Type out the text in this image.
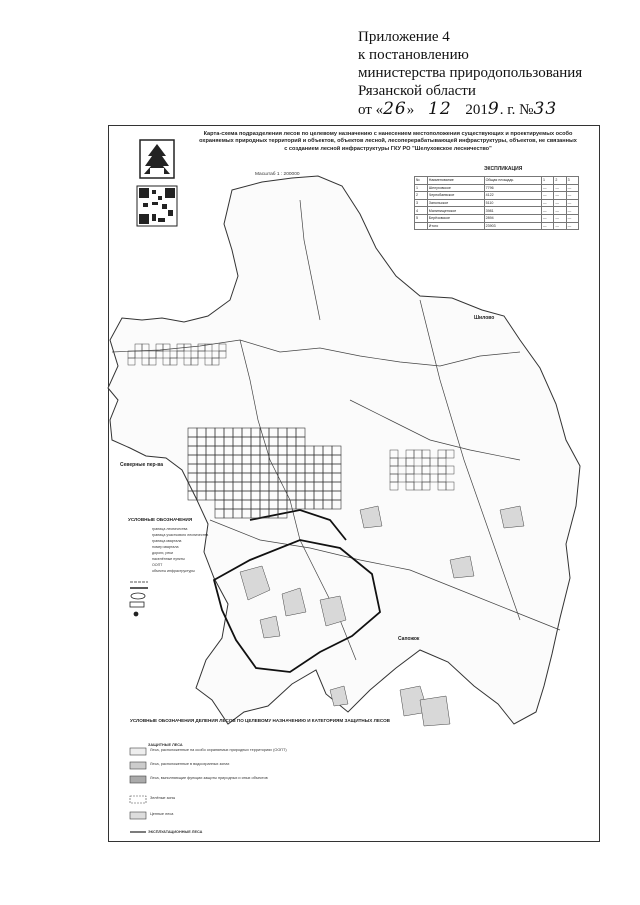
Приложение 4
к постановлению
министерства природопользования
Рязанской области
от «26» 12 2019. г. №33
Карта-схема подразделения лесов по целевому назначению с нанесением местоположения существующих и проектируемых особо охраняемых природных территорий и объектов, объектов лесной, лесоперерабатывающей инфраструктуры, объектов, не связанных с созданием лесной инфраструктуры ГКУ РО "Шелуховское лесничество"
Масштаб 1 : 200000
ЭКСПЛИКАЦИЯ
№	Наименование	Общая площадь	1	2	3
1	Шелуховское	7796	—	—	—
2	Чернобаевское	4122	—	—	—
3	Запольское	5110	—	—	—
4	Малинищенское	3981	—	—	—
5	Берёзовское	2894	—	—	—
	Итого	23903	—	—	—
Шилово
Северные пер-ва
Сапожок
УСЛОВНЫЕ ОБОЗНАЧЕНИЯ
граница лесничества
граница участкового лесничества
граница квартала
номер квартала
дороги, реки
населённые пункты
ООПТ
объекты инфраструктуры
УСЛОВНЫЕ ОБОЗНАЧЕНИЯ ДЕЛЕНИЯ ЛЕСОВ ПО ЦЕЛЕВОМУ НАЗНАЧЕНИЮ И КАТЕГОРИЯМ ЗАЩИТНЫХ ЛЕСОВ
ЗАЩИТНЫЕ ЛЕСА
Леса, расположенные на особо охраняемых природных территориях (ООПТ)
Леса, расположенные в водоохранных зонах
Леса, выполняющие функции защиты природных и иных объектов
Зелёные зоны
Ценные леса
ЭКСПЛУАТАЦИОННЫЕ ЛЕСА
